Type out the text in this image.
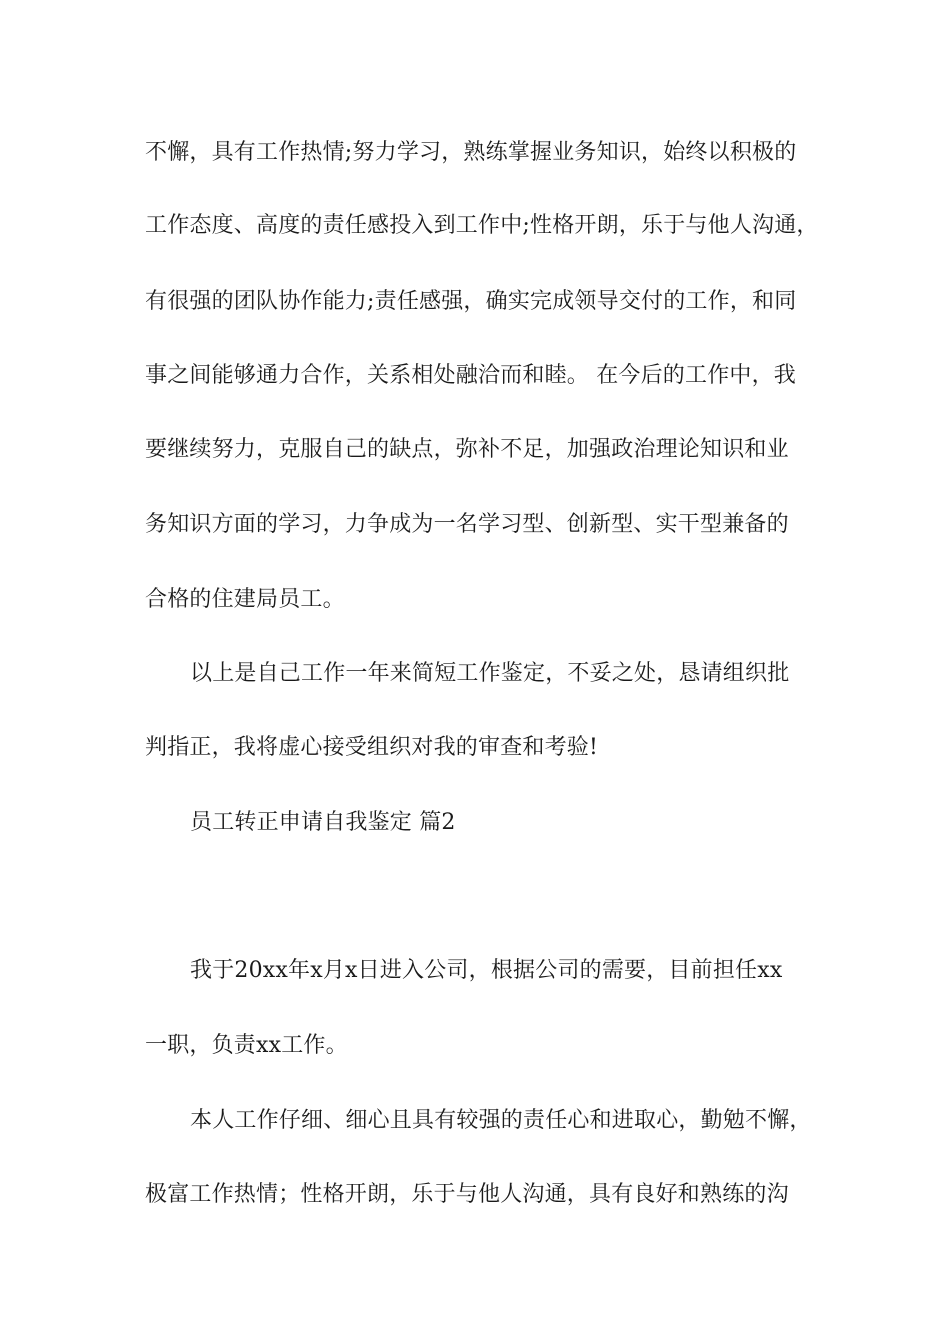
不懈，具有工作热情;努力学习，熟练掌握业务知识，始终以积极的
工作态度、高度的责任感投入到工作中;性格开朗，乐于与他人沟通，
有很强的团队协作能力;责任感强，确实完成领导交付的工作，和同
事之间能够通力合作，关系相处融洽而和睦。 在今后的工作中，我
要继续努力，克服自己的缺点，弥补不足，加强政治理论知识和业
务知识方面的学习，力争成为一名学习型、创新型、实干型兼备的
合格的住建局员工。
以上是自己工作一年来简短工作鉴定，不妥之处，恳请组织批
判指正，我将虚心接受组织对我的审查和考验!
员工转正申请自我鉴定 篇2
我于20xx年x月x日进入公司，根据公司的需要，目前担任xx
一职，负责xx工作。
本人工作仔细、细心且具有较强的责任心和进取心，勤勉不懈，
极富工作热情；性格开朗，乐于与他人沟通，具有良好和熟练的沟
